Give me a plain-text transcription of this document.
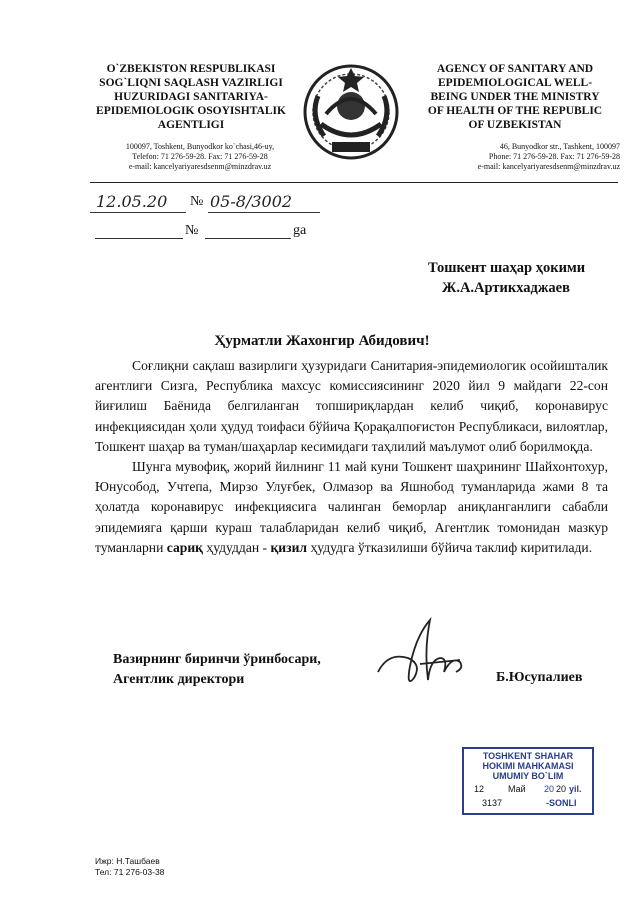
O`ZBEKISTON RESPUBLIKASI
SOG`LIQNI SAQLASH VAZIRLIGI
HUZURIDAGI SANITARIYA-
EPIDEMIOLOGIK OSOYISHTALIK
AGENTLIGI
100097, Toshkent, Bunyodkor ko`chasi,46-uy,
Telefon: 71 276-59-28. Fax: 71 276-59-28
e-mail: kancelyariyaresdsenm@minzdrav.uz
AGENCY OF SANITARY AND
EPIDEMIOLOGICAL WELL-
BEING UNDER THE MINISTRY
OF HEALTH OF THE REPUBLIC
OF UZBEKISTAN
46, Bunyodkor str., Tashkent, 100097
Phone: 71 276-59-28. Fax: 71 276-59-28
e-mail: kancelyariyaresdsenm@minzdrav.uz
12.05.20 № 05-8/3002
№	ga
Тошкент шаҳар ҳокими
Ж.А.Артикхаджаев
Ҳурматли Жахонгир Абидович!

Соғлиқни сақлаш вазирлиги ҳузуридаги Санитария-эпидемиологик осойишталик агентлиги Сизга, Республика махсус комиссиясининг 2020 йил 9 майдаги 22-сон йиғилиш Баёнида белгиланган топшириқлардан келиб чиқиб, коронавирус инфекциясидан ҳоли ҳудуд тоифаси бўйича Қорақалпоғистон Республикаси, вилоятлар, Тошкент шаҳар ва туман/шаҳарлар кесимидаги таҳлилий маълумот олиб борилмоқда.

Шунга мувофиқ, жорий йилнинг 11 май куни Тошкент шаҳрининг Шайхонтохур, Юнусобод, Учтепа, Мирзо Улуғбек, Олмазор ва Яшнобод туманларида жами 8 та ҳолатда коронавирус инфекциясига чалинган беморлар аниқланганлиги сабабли эпидемияга қарши кураш талабларидан келиб чиқиб, Агентлик томонидан мазкур туманларни сариқ ҳудуддан - қизил ҳудудга ўтказилиши бўйича таклиф киритилади.

Вазирнинг биринчи ўринбосари,
Агентлик директори	Б.Юсупалиев
TOSHKENT SHAHAR
HOKIMI MAHKAMASI
UMUMIY BO`LIM
12	Май 20 20 yil.
3137	-SONLI
Ижр: Н.Ташбаев
Тел: 71 276-03-38
